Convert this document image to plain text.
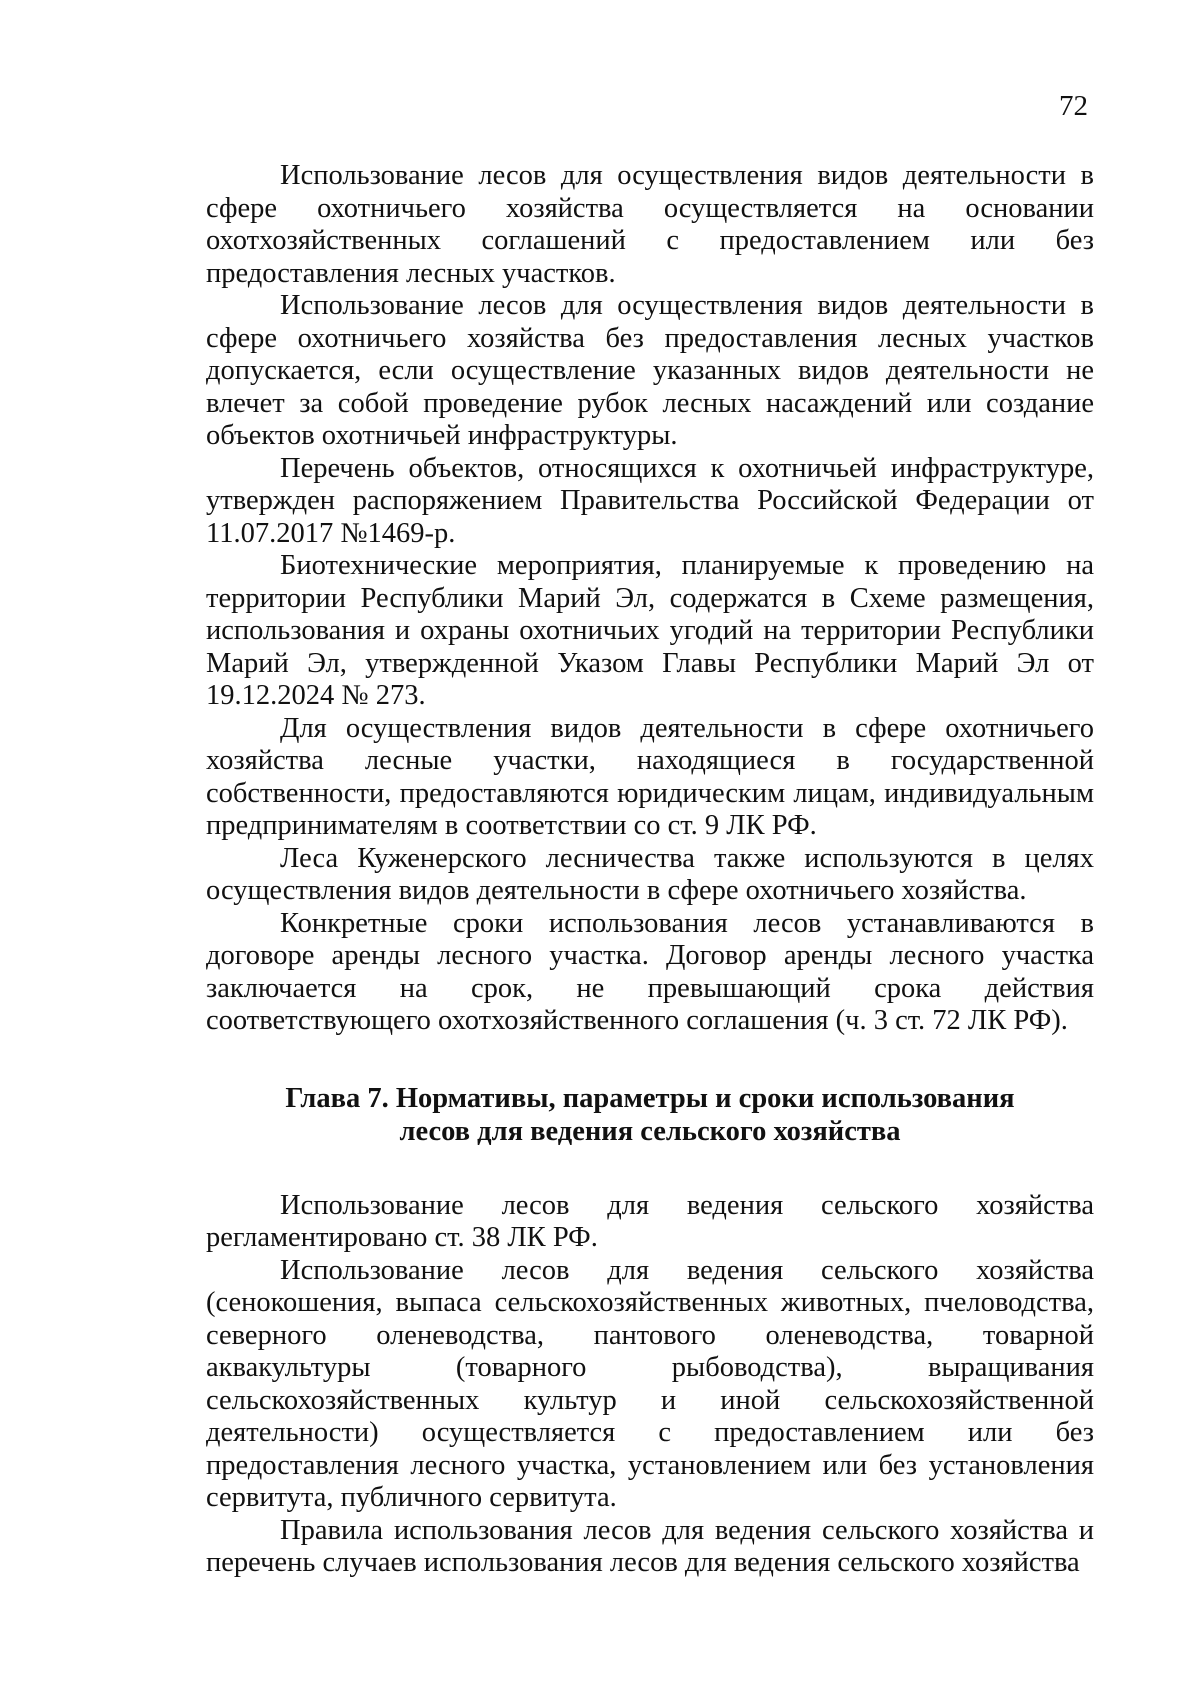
72

Использование лесов для осуществления видов деятельности в сфере охотничьего хозяйства осуществляется на основании охотхозяйственных соглашений с предоставлением или без предоставления лесных участков.

Использование лесов для осуществления видов деятельности в сфере охотничьего хозяйства без предоставления лесных участков допускается, если осуществление указанных видов деятельности не влечет за собой проведение рубок лесных насаждений или создание объектов охотничьей инфраструктуры.

Перечень объектов, относящихся к охотничьей инфраструктуре, утвержден распоряжением Правительства Российской Федерации от 11.07.2017 №1469-р.

Биотехнические мероприятия, планируемые к проведению на территории Республики Марий Эл, содержатся в Схеме размещения, использования и охраны охотничьих угодий на территории Республики Марий Эл, утвержденной Указом Главы Республики Марий Эл от 19.12.2024 № 273.

Для осуществления видов деятельности в сфере охотничьего хозяйства лесные участки, находящиеся в государственной собственности, предоставляются юридическим лицам, индивидуальным предпринимателям в соответствии со ст. 9 ЛК РФ.

Леса Куженерского лесничества также используются в целях осуществления видов деятельности в сфере охотничьего хозяйства.

Конкретные сроки использования лесов устанавливаются в договоре аренды лесного участка. Договор аренды лесного участка заключается на срок, не превышающий срока действия соответствующего охотхозяйственного соглашения (ч. 3 ст. 72 ЛК РФ).

Глава 7. Нормативы, параметры и сроки использования
лесов для ведения сельского хозяйства

Использование лесов для ведения сельского хозяйства регламентировано ст. 38 ЛК РФ.

Использование лесов для ведения сельского хозяйства (сенокошения, выпаса сельскохозяйственных животных, пчеловодства, северного оленеводства, пантового оленеводства, товарной аквакультуры (товарного рыбоводства), выращивания сельскохозяйственных культур и иной сельскохозяйственной деятельности) осуществляется с предоставлением или без предоставления лесного участка, установлением или без установления сервитута, публичного сервитута.

Правила использования лесов для ведения сельского хозяйства и перечень случаев использования лесов для ведения сельского хозяйства
